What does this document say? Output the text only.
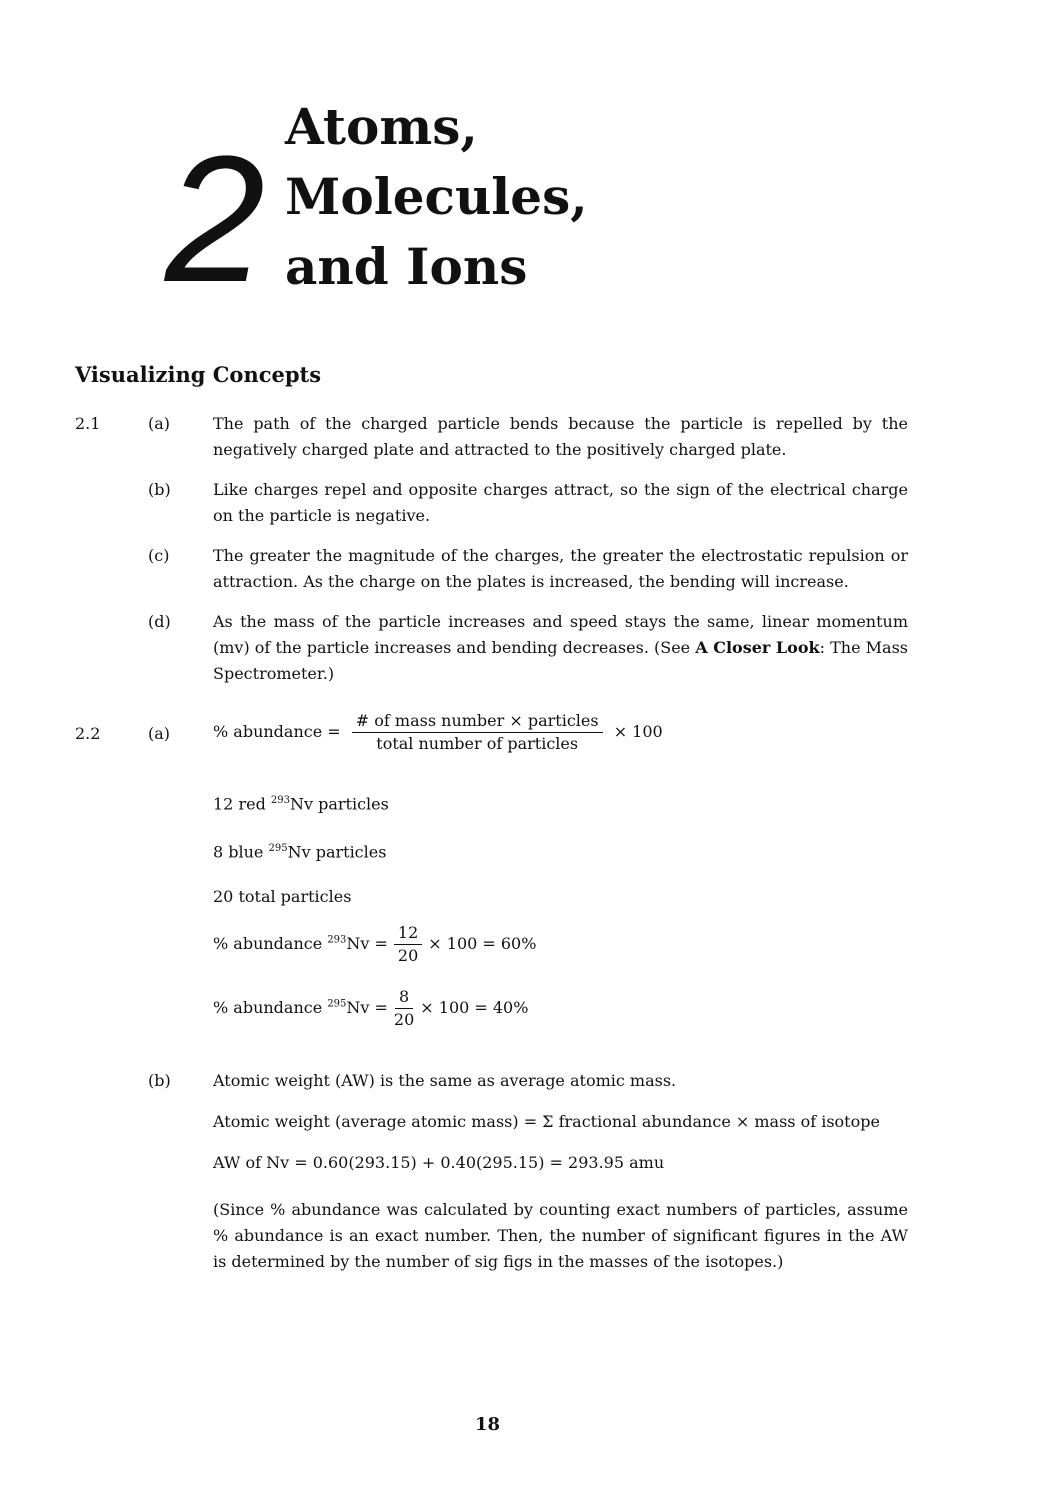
2 Atoms,
Molecules,
and Ions
Visualizing Concepts
2.1	(a)	The path of the charged particle bends because the particle is repelled by the negatively charged plate and attracted to the positively charged plate.
(b)	Like charges repel and opposite charges attract, so the sign of the electrical charge on the particle is negative.
(c)	The greater the magnitude of the charges, the greater the electrostatic repulsion or attraction. As the charge on the plates is increased, the bending will increase.
(d)	As the mass of the particle increases and speed stays the same, linear momentum (mv) of the particle increases and bending decreases. (See A Closer Look: The Mass Spectrometer.)
2.2	(a)	% abundance = $\frac{\text{\# of mass number × particles}}{\text{total number of particles}} \times 100$
12 red $^{293}$Nv particles
8 blue $^{295}$Nv particles
20 total particles
% abundance $^{293}Nv = \frac{12}{20} \times 100 = 60\%$
% abundance $^{295}Nv = \frac{8}{20} \times 100 = 40\%$
(b)	Atomic weight (AW) is the same as average atomic mass.
Atomic weight (average atomic mass) = Σ fractional abundance × mass of isotope
AW of Nv = 0.60(293.15) + 0.40(295.15) = 293.95 amu
(Since % abundance was calculated by counting exact numbers of particles, assume % abundance is an exact number. Then, the number of significant figures in the AW is determined by the number of sig figs in the masses of the isotopes.)
18
